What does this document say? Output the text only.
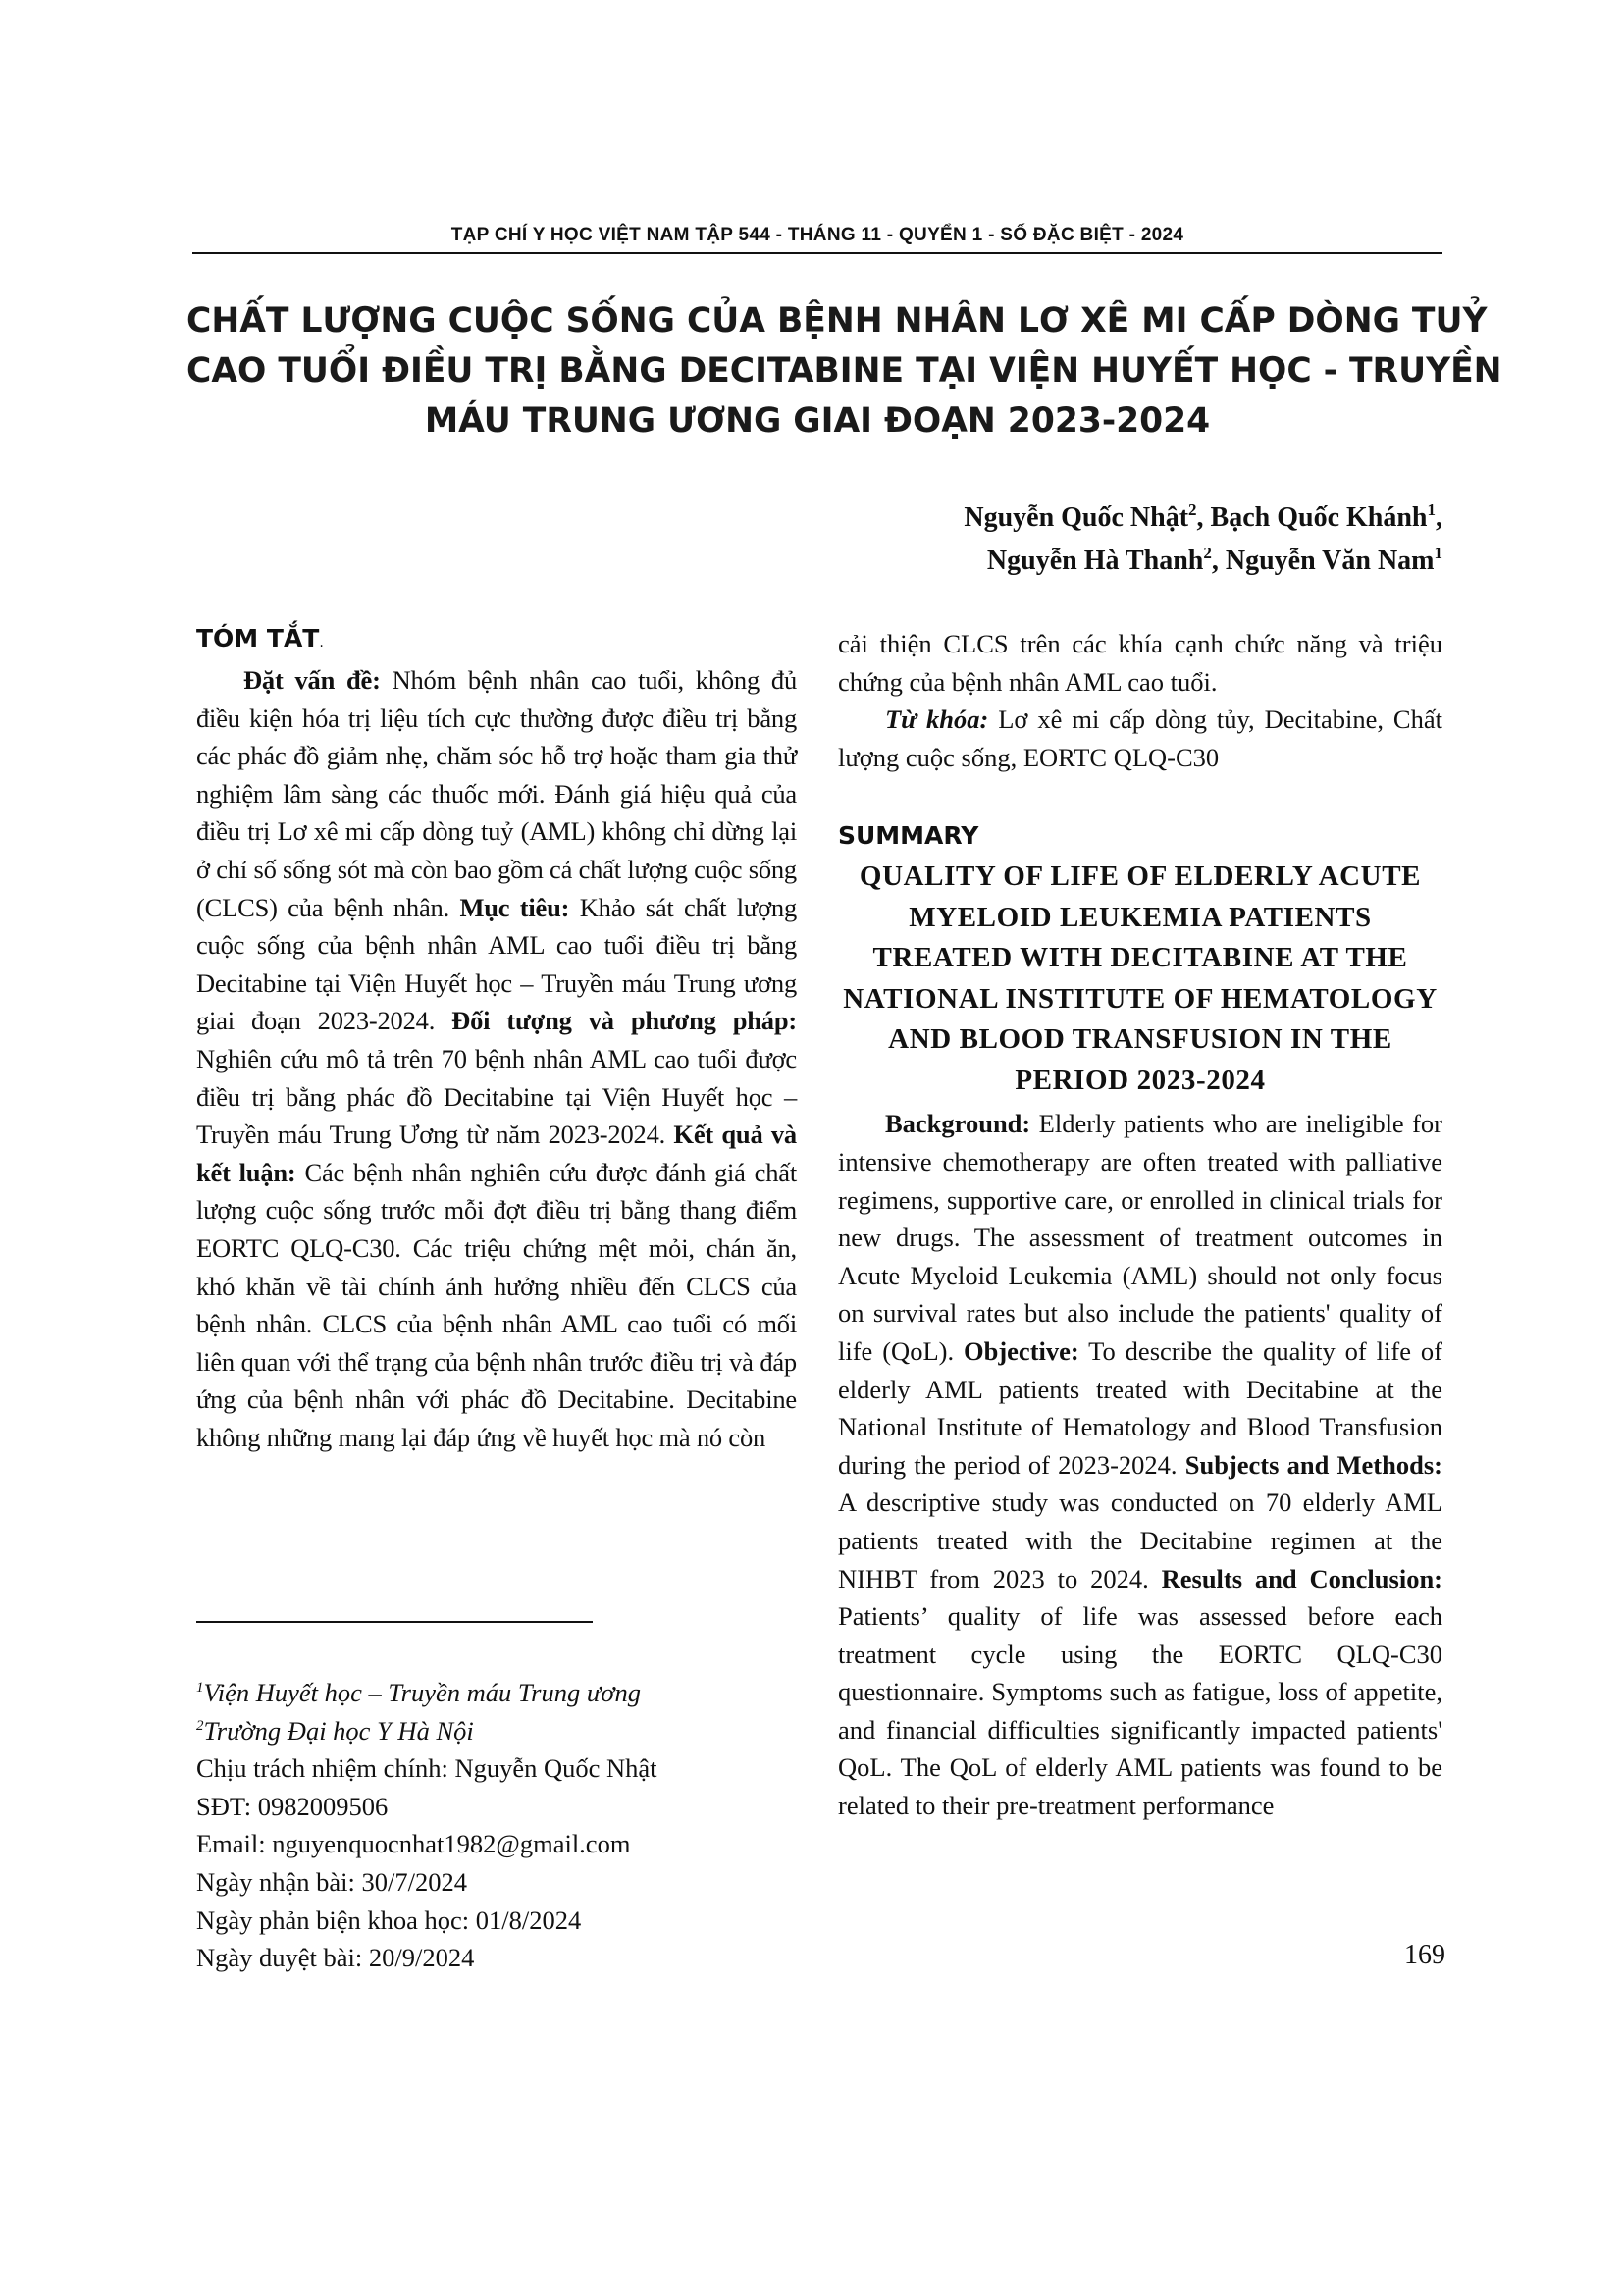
TẠP CHÍ Y HỌC VIỆT NAM TẬP 544 - THÁNG 11 - QUYỂN 1 - SỐ ĐẶC BIỆT - 2024
CHẤT LƯỢNG CUỘC SỐNG CỦA BỆNH NHÂN LƠ XÊ MI CẤP DÒNG TUỶ
CAO TUỔI ĐIỀU TRỊ BẰNG DECITABINE TẠI VIỆN HUYẾT HỌC - TRUYỀN
MÁU TRUNG ƯƠNG GIAI ĐOẠN 2023-2024
Nguyễn Quốc Nhật$^2$, Bạch Quốc Khánh$^1$,
Nguyễn Hà Thanh$^2$, Nguyễn Văn Nam$^1$
TÓM TẮT.

Đặt vấn đề: Nhóm bệnh nhân cao tuổi, không đủ điều kiện hóa trị liệu tích cực thường được điều trị bằng các phác đồ giảm nhẹ, chăm sóc hỗ trợ hoặc tham gia thử nghiệm lâm sàng các thuốc mới. Đánh giá hiệu quả của điều trị Lơ xê mi cấp dòng tuỷ (AML) không chỉ dừng lại ở chỉ số sống sót mà còn bao gồm cả chất lượng cuộc sống (CLCS) của bệnh nhân. Mục tiêu: Khảo sát chất lượng cuộc sống của bệnh nhân AML cao tuổi điều trị bằng Decitabine tại Viện Huyết học – Truyền máu Trung ương giai đoạn 2023-2024. Đối tượng và phương pháp: Nghiên cứu mô tả trên 70 bệnh nhân AML cao tuổi được điều trị bằng phác đồ Decitabine tại Viện Huyết học – Truyền máu Trung Ương từ năm 2023-2024. Kết quả và kết luận: Các bệnh nhân nghiên cứu được đánh giá chất lượng cuộc sống trước mỗi đợt điều trị bằng thang điểm EORTC QLQ-C30. Các triệu chứng mệt mỏi, chán ăn, khó khăn về tài chính ảnh hưởng nhiều đến CLCS của bệnh nhân. CLCS của bệnh nhân AML cao tuổi có mối liên quan với thể trạng của bệnh nhân trước điều trị và đáp ứng của bệnh nhân với phác đồ Decitabine. Decitabine không những mang lại đáp ứng về huyết học mà nó còn

$^1$Viện Huyết học – Truyền máu Trung ương
$^2$Trường Đại học Y Hà Nội
Chịu trách nhiệm chính: Nguyễn Quốc Nhật
SĐT: 0982009506
Email: nguyenquocnhat1982@gmail.com
Ngày nhận bài: 30/7/2024
Ngày phản biện khoa học: 01/8/2024
Ngày duyệt bài: 20/9/2024

cải thiện CLCS trên các khía cạnh chức năng và triệu chứng của bệnh nhân AML cao tuổi.

Từ khóa: Lơ xê mi cấp dòng tủy, Decitabine, Chất lượng cuộc sống, EORTC QLQ-C30

SUMMARY
QUALITY OF LIFE OF ELDERLY ACUTE MYELOID LEUKEMIA PATIENTS TREATED WITH DECITABINE AT THE NATIONAL INSTITUTE OF HEMATOLOGY AND BLOOD TRANSFUSION IN THE PERIOD 2023-2024

Background: Elderly patients who are ineligible for intensive chemotherapy are often treated with palliative regimens, supportive care, or enrolled in clinical trials for new drugs. The assessment of treatment outcomes in Acute Myeloid Leukemia (AML) should not only focus on survival rates but also include the patients' quality of life (QoL). Objective: To describe the quality of life of elderly AML patients treated with Decitabine at the National Institute of Hematology and Blood Transfusion during the period of 2023-2024. Subjects and Methods: A descriptive study was conducted on 70 elderly AML patients treated with the Decitabine regimen at the NIHBT from 2023 to 2024. Results and Conclusion: Patients’ quality of life was assessed before each treatment cycle using the EORTC QLQ-C30 questionnaire. Symptoms such as fatigue, loss of appetite, and financial difficulties significantly impacted patients' QoL. The QoL of elderly AML patients was found to be related to their pre-treatment performance

169
